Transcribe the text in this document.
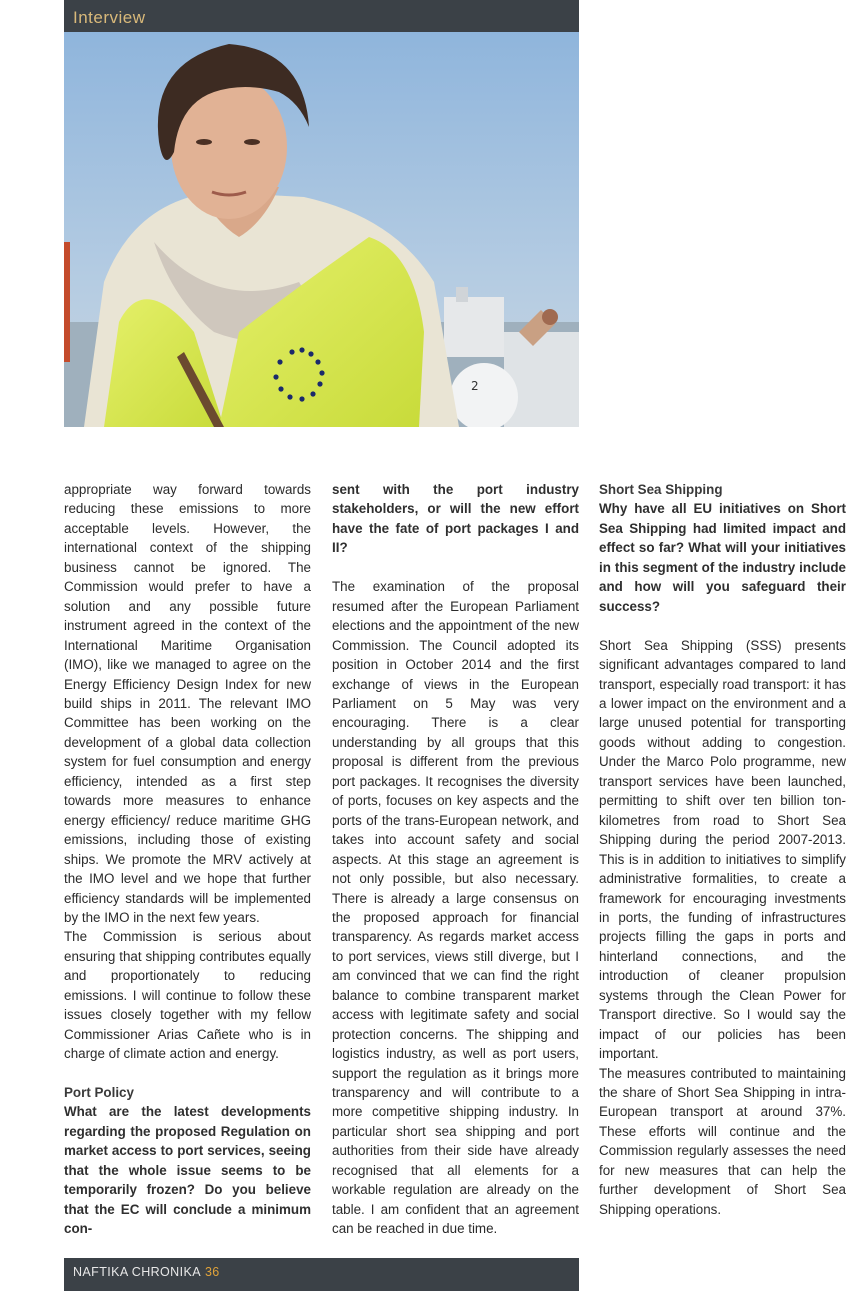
Interview
2

appropriate way forward towards reducing these emissions to more acceptable levels. However, the international context of the shipping business cannot be ignored. The Commission would prefer to have a solution and any possible future instrument agreed in the context of the International Maritime Organisation (IMO), like we managed to agree on the Energy Efficiency Design Index for new build ships in 2011. The relevant IMO Committee has been working on the development of a global data collection system for fuel consumption and energy efficiency, intended as a first step towards more measures to enhance energy efficiency/ reduce maritime GHG emissions, including those of existing ships. We promote the MRV actively at the IMO level and we hope that further efficiency standards will be implemented by the IMO in the next few years.

The Commission is serious about ensuring that shipping contributes equally and proportionately to reducing emissions. I will continue to follow these issues closely together with my fellow Commissioner Arias Cañete who is in charge of climate action and energy.

Port Policy

What are the latest developments regarding the proposed Regulation on market access to port services, seeing that the whole issue seems to be temporarily frozen? Do you believe that the EC will conclude a minimum con-

sent with the port industry stakeholders, or will the new effort have the fate of port packages I and II?

The examination of the proposal resumed after the European Parliament elections and the appointment of the new Commission. The Council adopted its position in October 2014 and the first exchange of views in the European Parliament on 5 May was very encouraging. There is a clear understanding by all groups that this proposal is different from the previous port packages. It recognises the diversity of ports, focuses on key aspects and the ports of the trans-European network, and takes into account safety and social aspects. At this stage an agreement is not only possible, but also necessary. There is already a large consensus on the proposed approach for financial transparency. As regards market access to port services, views still diverge, but I am convinced that we can find the right balance to combine transparent market access with legitimate safety and social protection concerns. The shipping and logistics industry, as well as port users, support the regulation as it brings more transparency and will contribute to a more competitive shipping industry. In particular short sea shipping and port authorities from their side have already recognised that all elements for a workable regulation are already on the table. I am confident that an agreement can be reached in due time.

Short Sea Shipping

Why have all EU initiatives on Short Sea Shipping had limited impact and effect so far? What will your initiatives in this segment of the industry include and how will you safeguard their success?

Short Sea Shipping (SSS) presents significant advantages compared to land transport, especially road transport: it has a lower impact on the environment and a large unused potential for transporting goods without adding to congestion. Under the Marco Polo programme, new transport services have been launched, permitting to shift over ten billion ton-kilometres from road to Short Sea Shipping during the period 2007-2013. This is in addition to initiatives to simplify administrative formalities, to create a framework for encouraging investments in ports, the funding of infrastructures projects filling the gaps in ports and hinterland connections, and the introduction of cleaner propulsion systems through the Clean Power for Transport directive. So I would say the impact of our policies has been important.

The measures contributed to maintaining the share of Short Sea Shipping in intra-European transport at around 37%. These efforts will continue and the Commission regularly assesses the need for new measures that can help the further development of Short Sea Shipping operations.

NAFTIKA CHRONIKA 36
